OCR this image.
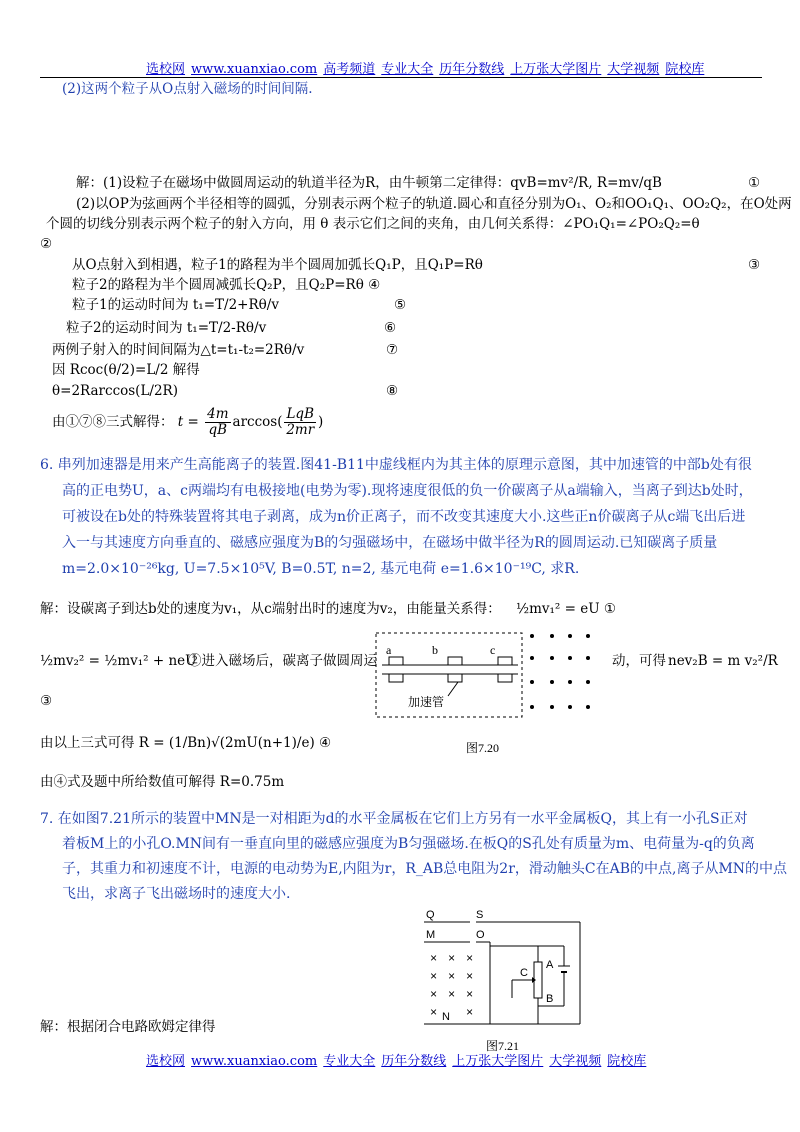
选校网 www.xuanxiao.com 高考频道 专业大全 历年分数线 上万张大学图片 大学视频 院校库
(2)这两个粒子从O点射入磁场的时间间隔.
解：(1)设粒子在磁场中做圆周运动的轨道半径为R，由牛顿第二定律得：qvB=mv²/R, R=mv/qB	①
(2)以OP为弦画两个半径相等的圆弧，分别表示两个粒子的轨道.圆心和直径分别为O₁、O₂和OO₁Q₁、OO₂Q₂，在O处两
个圆的切线分别表示两个粒子的射入方向，用 θ 表示它们之间的夹角，由几何关系得：∠PO₁Q₁=∠PO₂Q₂=θ
②
从O点射入到相遇，粒子1的路程为半个圆周加弧长Q₁P，且Q₁P=Rθ	③
粒子2的路程为半个圆周减弧长Q₂P，且Q₂P=Rθ ④
粒子1的运动时间为 t₁=T/2+Rθ/v	⑤
粒子2的运动时间为 t₁=T/2-Rθ/v	⑥
两例子射入的时间间隔为△t=t₁-t₂=2Rθ/v	⑦
因 Rcoc(θ/2)=L/2 解得
θ=2Rarccos(L/2R)	⑧
由①⑦⑧三式解得： $t = \frac{4m}{qB} \arccos( \frac{\text{LqB}}{2mr}$ )
6. 串列加速器是用来产生高能离子的装置.图41-B11中虚线框内为其主体的原理示意图，其中加速管的中部b处有很
高的正电势U，a、c两端均有电极接地(电势为零).现将速度很低的负一价碳离子从a端输入，当离子到达b处时，
可被设在b处的特殊装置将其电子剥离，成为n价正离子，而不改变其速度大小.这些正n价碳离子从c端飞出后进
入一与其速度方向垂直的、磁感应强度为B的匀强磁场中，在磁场中做半径为R的圆周运动.已知碳离子质量
m=2.0×10⁻²⁶kg, U=7.5×10⁵V, B=0.5T, n=2, 基元电荷 e=1.6×10⁻¹⁹C, 求R.
解：设碳离子到达b处的速度为v₁，从c端射出时的速度为v₂，由能量关系得： ½mv₁² = eU ①
½mv₂² = ½mv₁² + neU
②进入磁场后，碳离子做圆周运	动，可得 nev₂B = m v₂²/R
③
由以上三式可得 R = (1/Bn)√(2mU(n+1)/e) ④
由④式及题中所给数值可解得 R=0.75m
a	b	c
加速管
图7.20
7. 在如图7.21所示的装置中MN是一对相距为d的水平金属板在它们上方另有一水平金属板Q，其上有一小孔S正对
着板M上的小孔O.MN间有一垂直向里的磁感应强度为B匀强磁场.在板Q的S孔处有质量为m、电荷量为-q的负离
子，其重力和初速度不计，电源的电动势为E,内阻为r，R_AB总电阻为2r，滑动触头C在AB的中点,离子从MN的中点
飞出，求离子飞出磁场时的速度大小.
× × ×
× × ×
× × ×
× ×
Q	S
M	O
N
A
B
C
图7.21
解：根据闭合电路欧姆定律得
选校网 www.xuanxiao.com 专业大全 历年分数线 上万张大学图片 大学视频 院校库
